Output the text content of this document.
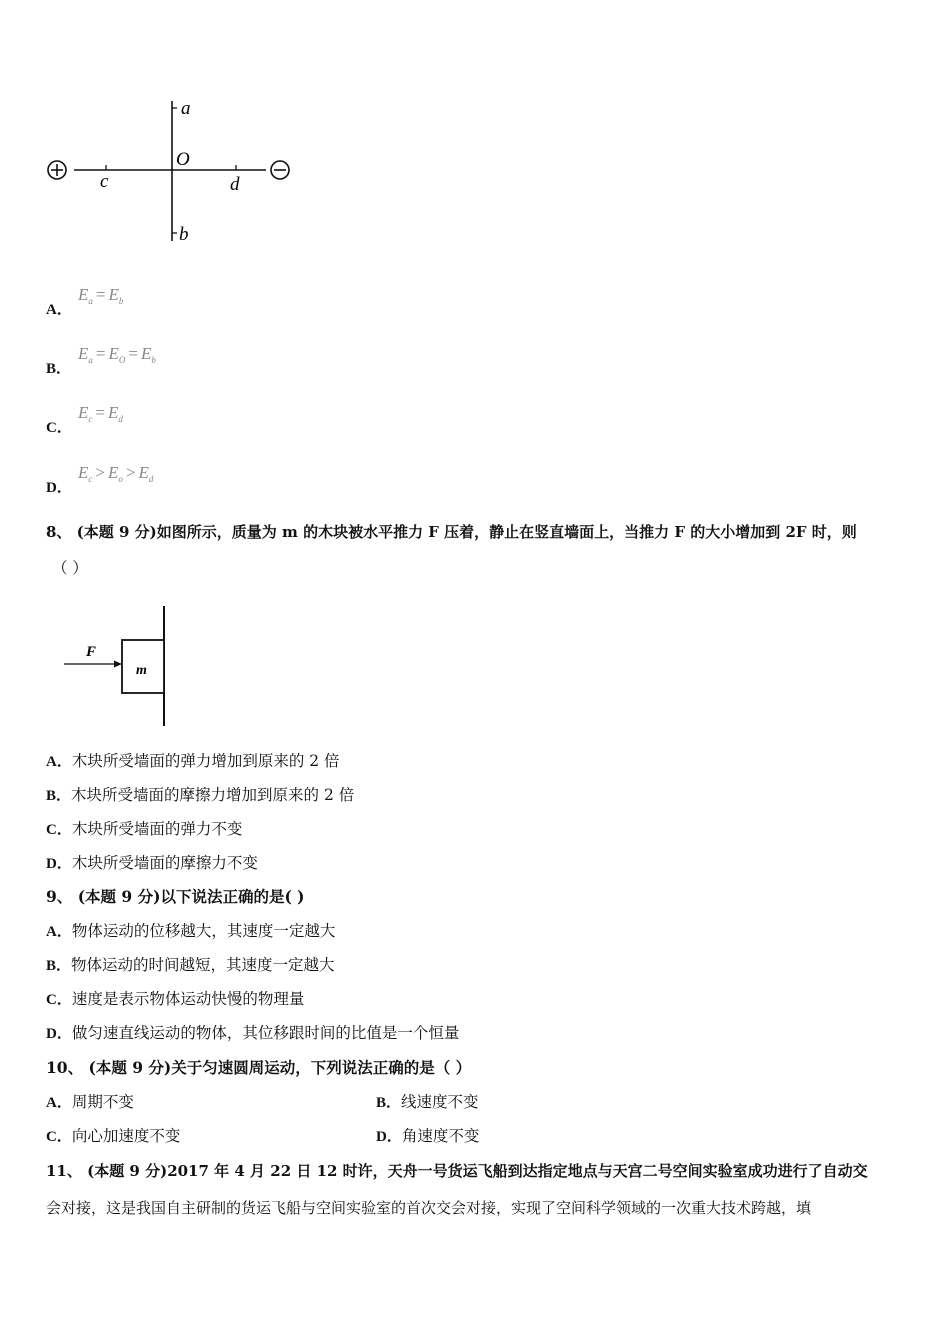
a
O
c	d
b
A．
$E_a = E_b$
B．
$E_a = E_O = E_b$
C．
$E_c = E_d$
D．
$E_c > E_o > E_d$
8、 (本题 9 分)如图所示，质量为 m 的木块被水平推力 F 压着，静止在竖直墙面上，当推力 F 的大小增加到 2F 时，则
（ ）
F
m
A．木块所受墙面的弹力增加到原来的 2 倍
B．木块所受墙面的摩擦力增加到原来的 2 倍
C．木块所受墙面的弹力不变
D．木块所受墙面的摩擦力不变
9、 (本题 9 分)以下说法正确的是( )
A．物体运动的位移越大，其速度一定越大
B．物体运动的时间越短，其速度一定越大
C．速度是表示物体运动快慢的物理量
D．做匀速直线运动的物体，其位移跟时间的比值是一个恒量
10、 (本题 9 分)关于匀速圆周运动，下列说法正确的是（ ）
A．周期不变	B．线速度不变
C．向心加速度不变	D．角速度不变
11、 (本题 9 分)2017 年 4 月 22 日 12 时许，天舟一号货运飞船到达指定地点与天宫二号空间实验室成功进行了自动交
会对接，这是我国自主研制的货运飞船与空间实验室的首次交会对接，实现了空间科学领域的一次重大技术跨越，填
